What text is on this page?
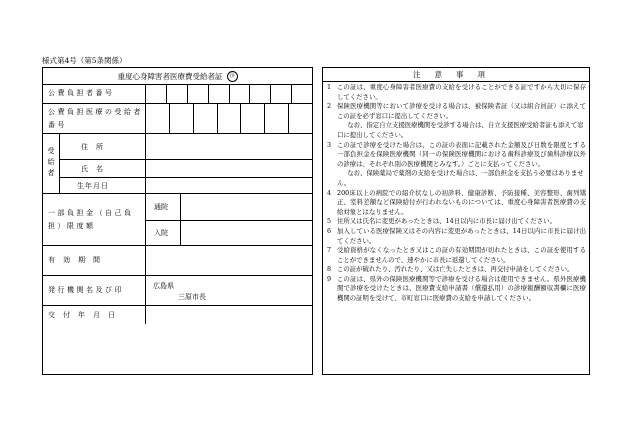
様式第4号（第5条関係）
重度心身障害者医療費受給者証	㊞
公費負担者番号
公費負担医療の受給者番号
受給者
住所
氏名
生年月日
一部負担金（自己負担）限度額
通院
入院
有効期間
発行機関名及び印	広島県
三原市長
交付年月日
注意事項
1 この証は、重度心身障害者医療費の支給を受けることができる証ですから大切に保存してください。
2 保険医療機関等において診療を受ける場合は、被保険者証（又は組合員証）に添えてこの証を必ず窓口に提出してください。
なお、指定自立支援医療機関を受診する場合は、自立支援医療受給者証も添えて窓口に提出してください。
3 この証で診療を受けた場合は、この証の表面に記載された金額及び日数を限度とする一部負担金を保険医療機関（同一の保険医療機関における歯科診療及び歯科診療以外の診療は、それぞれ別の医療機関とみなす。）ごとに支払ってください。
なお、保険薬局で薬剤の支給を受けた場合は、一部負担金を支払う必要はありません。
4 200床以上の病院での紹介状なしの初診料、健康診断、予防接種、美容整形、歯列矯正、室料差額など保険給付が行われないものについては、重度心身障害者医療費の支給対象とはなりません。
5 住所又は氏名に変更があったときは、14日以内に市長に届け出てください。
6 加入している医療保険又はその内容に変更があったときは、14日以内に市長に届け出てください。
7 受給資格がなくなったとき又はこの証の有効期間が切れたときは、この証を使用することができませんので、速やかに市長に返還してください。
8 この証が破れたり、汚れたり、又は亡失したときは、再交付申請をしてください。
9 この証は、県外の保険医療機関等で診療を受ける場合は使用できません。県外医療機関で診療を受けたときは、医療費支給申請書（償還払用）の診療報酬額収書欄に医療機関の証明を受けて、市町窓口に医療費の支給を申請してください。
